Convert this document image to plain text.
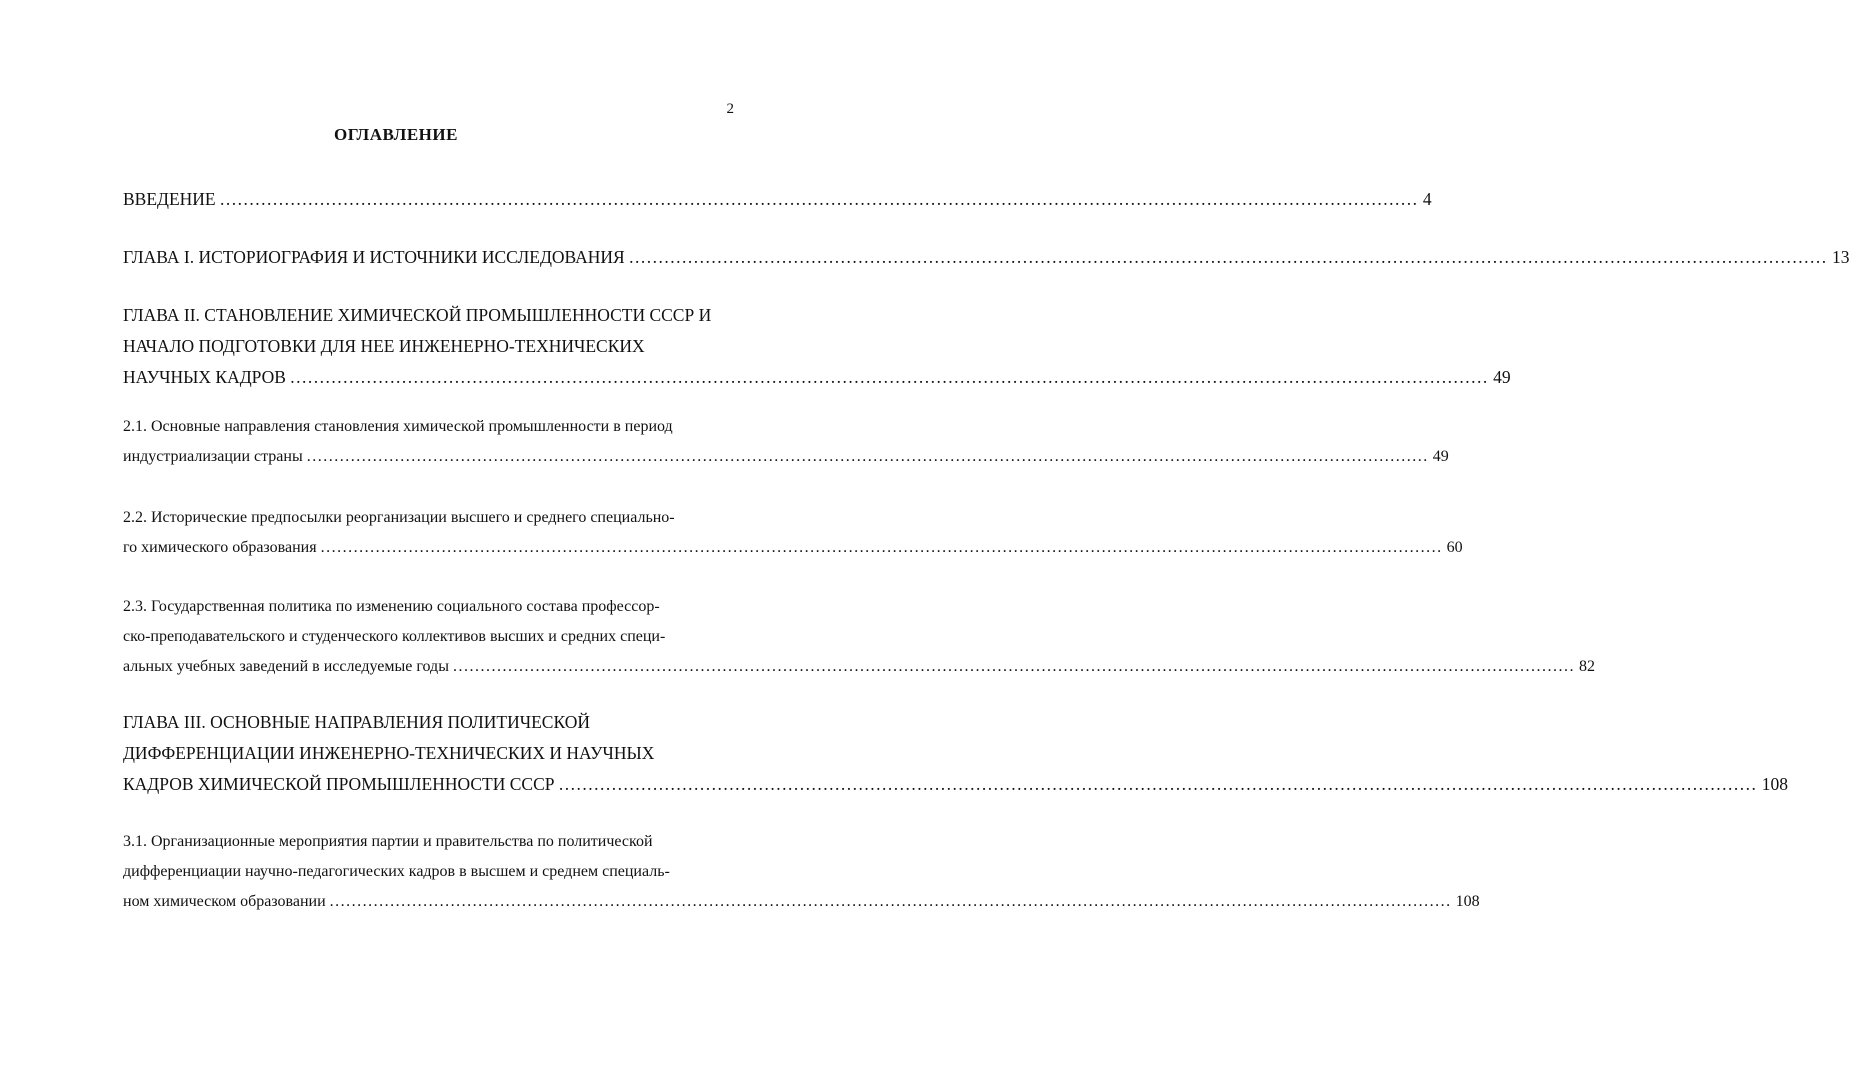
2
ОГЛАВЛЕНИЕ
ВВЕДЕНИЕ .....	4
ГЛАВА I. ИСТОРИОГРАФИЯ И ИСТОЧНИКИ ИССЛЕДОВАНИЯ .....	13
ГЛАВА II. СТАНОВЛЕНИЕ ХИМИЧЕСКОЙ ПРОМЫШЛЕННОСТИ СССР И
НАЧАЛО ПОДГОТОВКИ ДЛЯ НЕЕ ИНЖЕНЕРНО-ТЕХНИЧЕСКИХ
НАУЧНЫХ КАДРОВ .....	49
2.1. Основные направления становления химической промышленности в период
индустриализации страны .....	49
2.2. Исторические предпосылки реорганизации высшего и среднего специально-
го химического образования .....	60
2.3. Государственная политика по изменению социального состава профессор-
ско-преподавательского и студенческого коллективов высших и средних специ-
альных учебных заведений в исследуемые годы .....	82
ГЛАВА III. ОСНОВНЫЕ НАПРАВЛЕНИЯ ПОЛИТИЧЕСКОЙ
ДИФФЕРЕНЦИАЦИИ ИНЖЕНЕРНО-ТЕХНИЧЕСКИХ И НАУЧНЫХ
КАДРОВ ХИМИЧЕСКОЙ ПРОМЫШЛЕННОСТИ СССР .....	108
3.1. Организационные мероприятия партии и правительства по политической
дифференциации научно-педагогических кадров в высшем и среднем специаль-
ном химическом образовании .....	108
